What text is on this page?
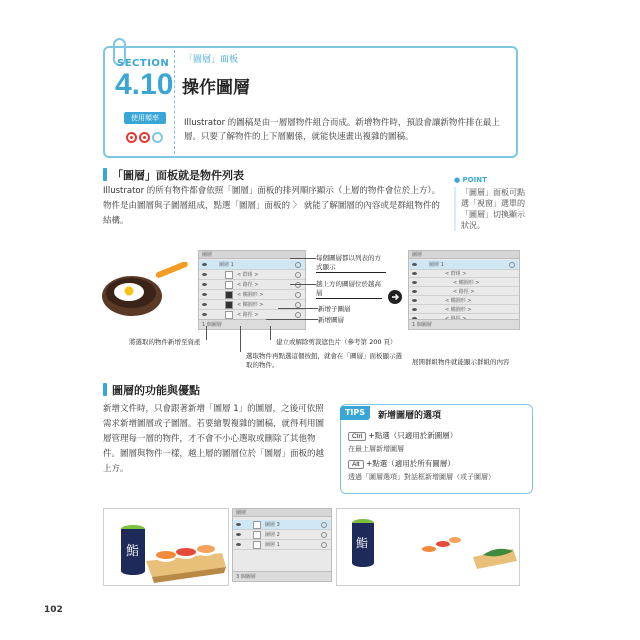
SECTION
4.10
使用頻率
「圖層」面板
操作圖層
Illustrator 的圖稿是由一層層物件組合而成。新增物件時，預設會讓新物件排在最上層。只要了解物件的上下層關係，就能快速畫出複雜的圖稿。
● POINT
「圖層」面板可點選「視窗」選單的「圖層」切換顯示狀況。
「圖層」面板就是物件列表
Illustrator 的所有物件都會依照「圖層」面板的排列順序顯示（上層的物件會位於上方）。物件是由圖層與子圖層組成，點選「圖層」面板的 〉 就能了解圖層的內容或是群組物件的結構。
圖層
圖層 1
< 群組 >
< 路徑 >
< 橢圓形 >
< 橢圓形 >
< 路徑 >
1 個圖層
每個圖層都以列表的方式顯示
越上方的圖層位於越高層
新增子圖層
新增圖層
建立或解除剪裁遮色片（參考第 200 頁）
將選取的物件新增至資產
選取物件再點選這個按鈕，就會在「圖層」面板顯示選取的物件。	展開群組物件就能顯示群組的內容
圖層
圖層 1
< 群組 >
< 橢圓形 >
< 路徑 >
< 橢圓形 >
< 橢圓形 >
1 個圖層
圖層的功能與優點
新增文件時，只會跟著新增「圖層 1」的圖層，之後可依照需求新增圖層或子圖層。若要繪製複雜的圖稿，就得利用圖層管理每一層的物件，才不會不小心選取或刪除了其他物件。圖層與物件一樣，越上層的圖層位於「圖層」面板的越上方。
TIPS	新增圖層的選項
Ctrl +點選（只適用於新圖層）
在最上層新增圖層
Alt +點選（適用於所有圖層）
透過「圖層選項」對話框新增圖層（或子圖層）
鮨
圖層
圖層 3
圖層 2
圖層 1
3 個圖層
鮨
102
